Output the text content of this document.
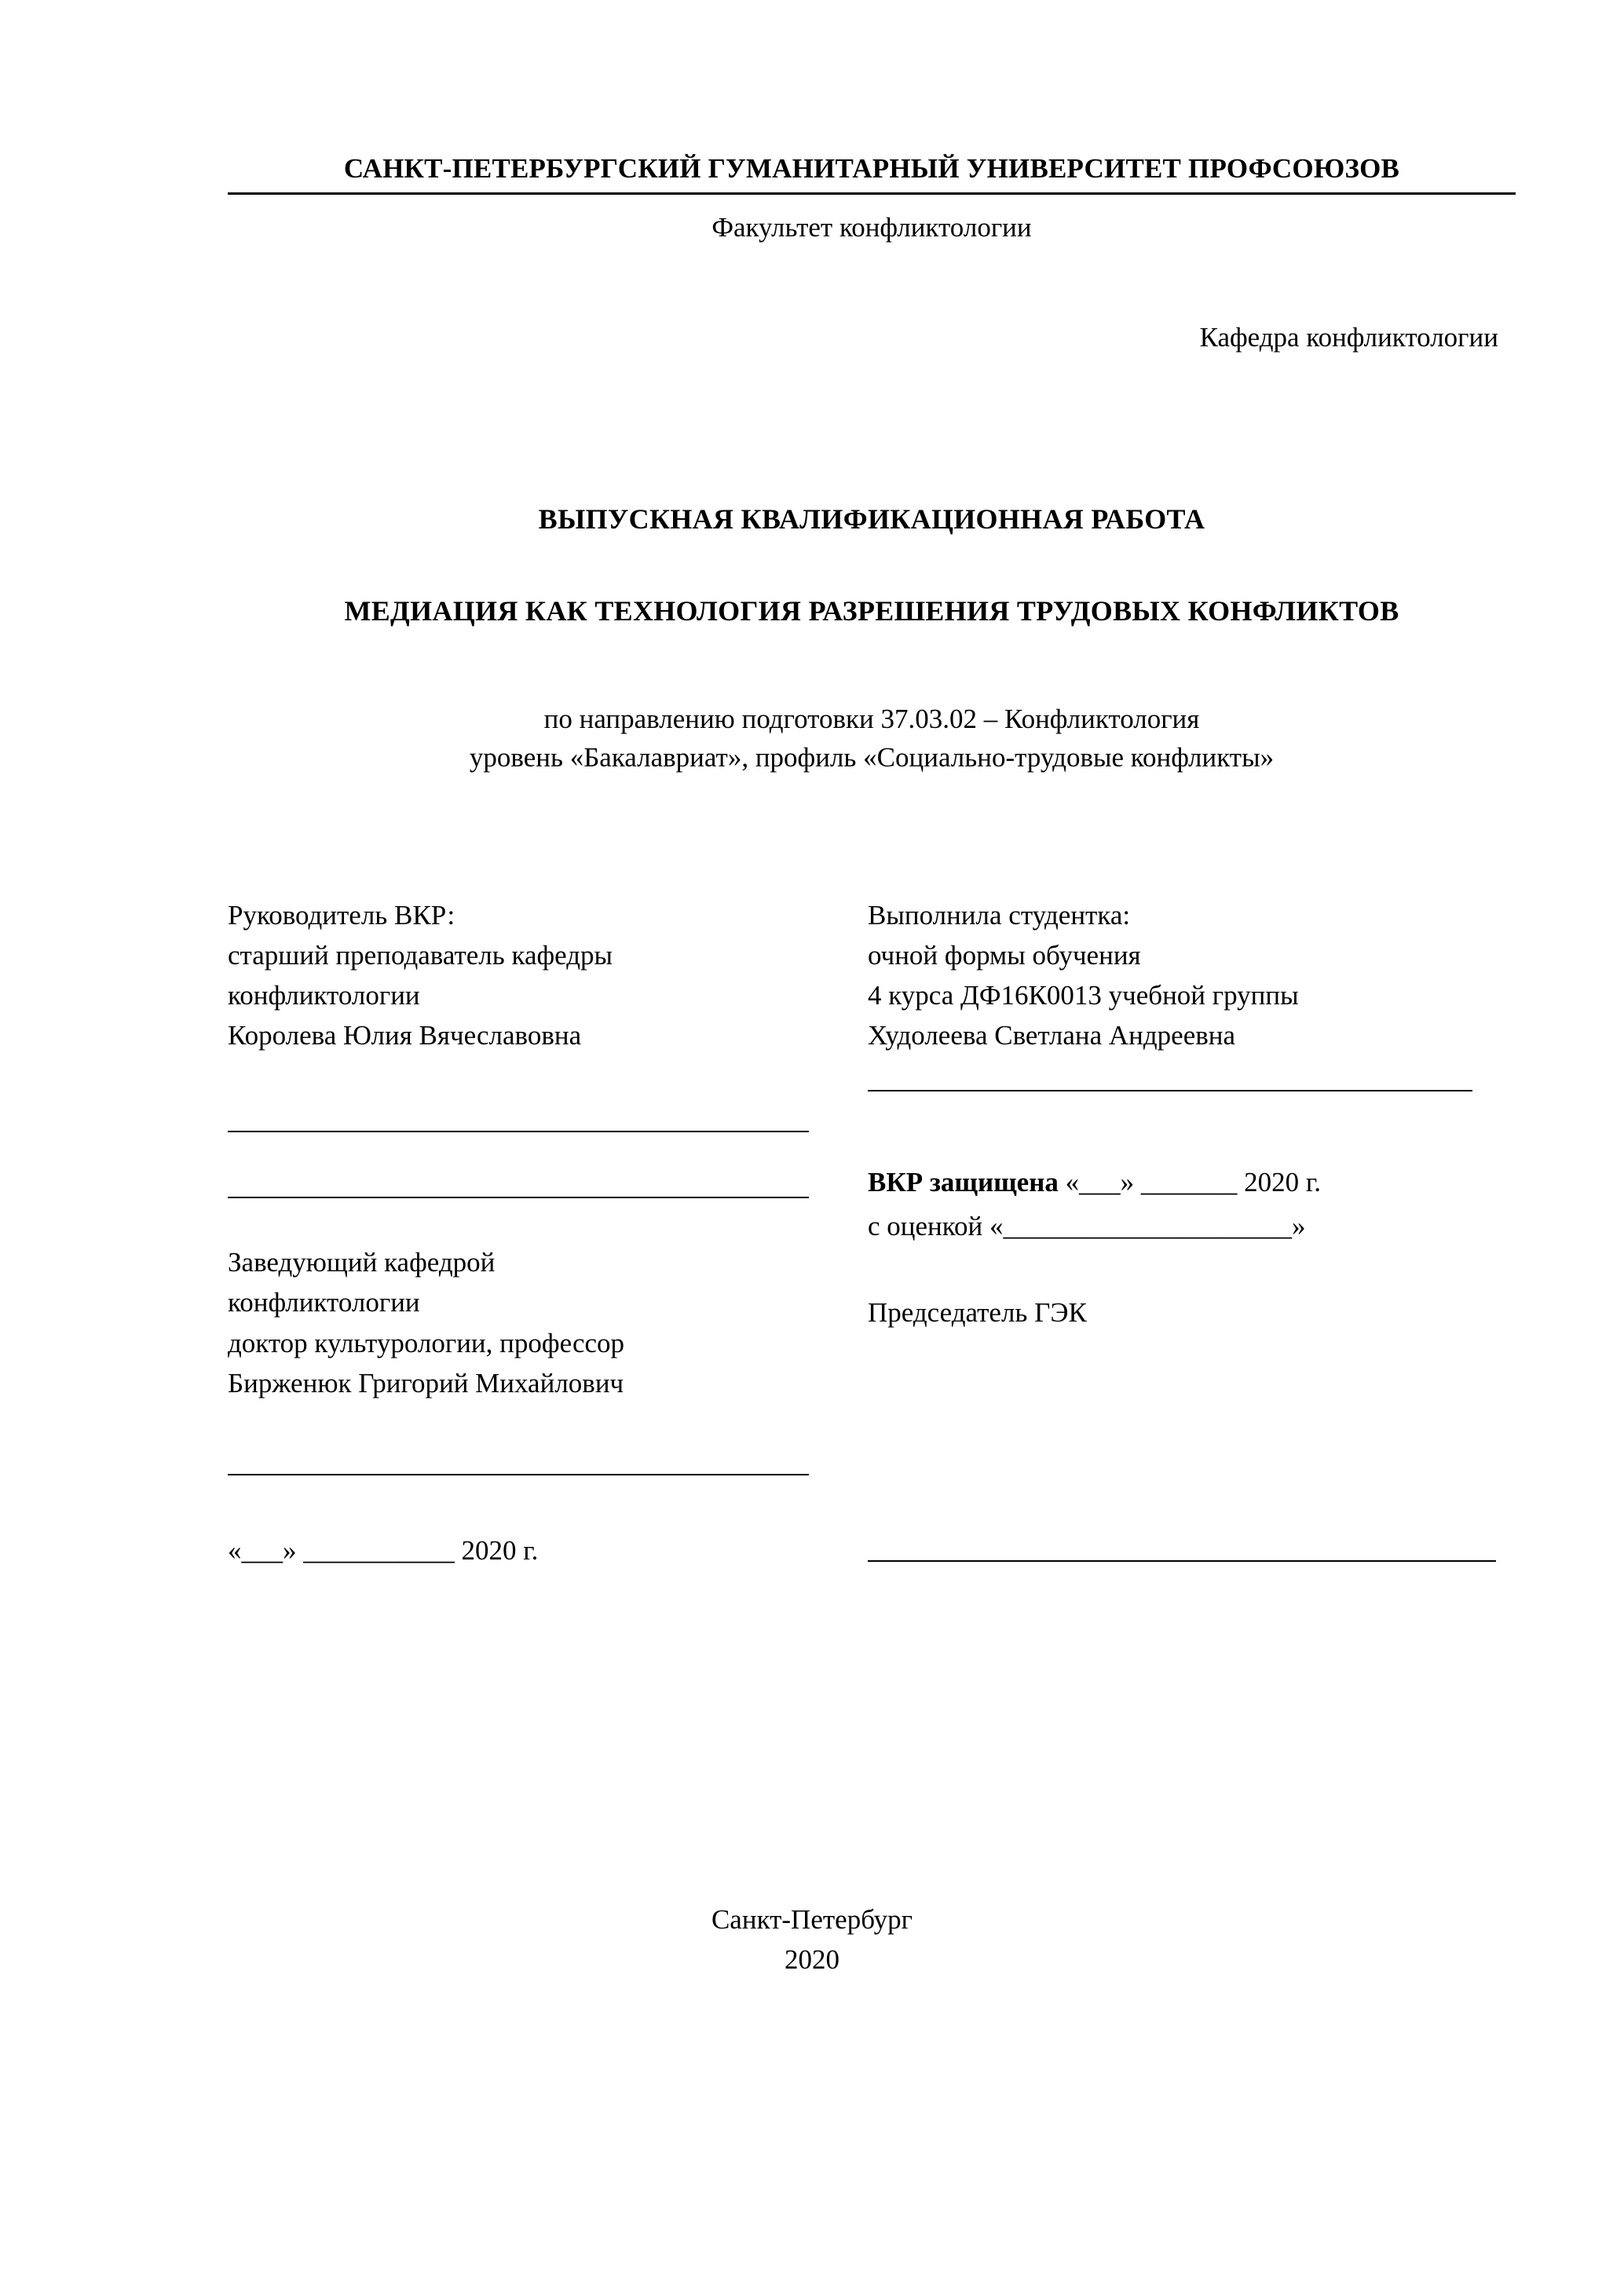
САНКТ-ПЕТЕРБУРГСКИЙ ГУМАНИТАРНЫЙ УНИВЕРСИТЕТ ПРОФСОЮЗОВ
Факультет конфликтологии
Кафедра конфликтологии
ВЫПУСКНАЯ КВАЛИФИКАЦИОННАЯ РАБОТА
МЕДИАЦИЯ КАК ТЕХНОЛОГИЯ РАЗРЕШЕНИЯ ТРУДОВЫХ КОНФЛИКТОВ
по направлению подготовки 37.03.02 – Конфликтология
уровень «Бакалавриат», профиль «Социально-трудовые конфликты»
Руководитель ВКР:
старший преподаватель кафедры
конфликтологии
Королева Юлия Вячеславовна
Заведующий кафедрой
конфликтологии
доктор культурологии, профессор
Бирженюк Григорий Михайлович
«___» ___________ 2020 г.
Выполнила студентка:
очной формы обучения
4 курса ДФ16К0013 учебной группы
Худолеева Светлана Андреевна
ВКР защищена «___» _______ 2020 г.
с оценкой «_____________________»
Председатель ГЭК
Санкт-Петербург
2020
